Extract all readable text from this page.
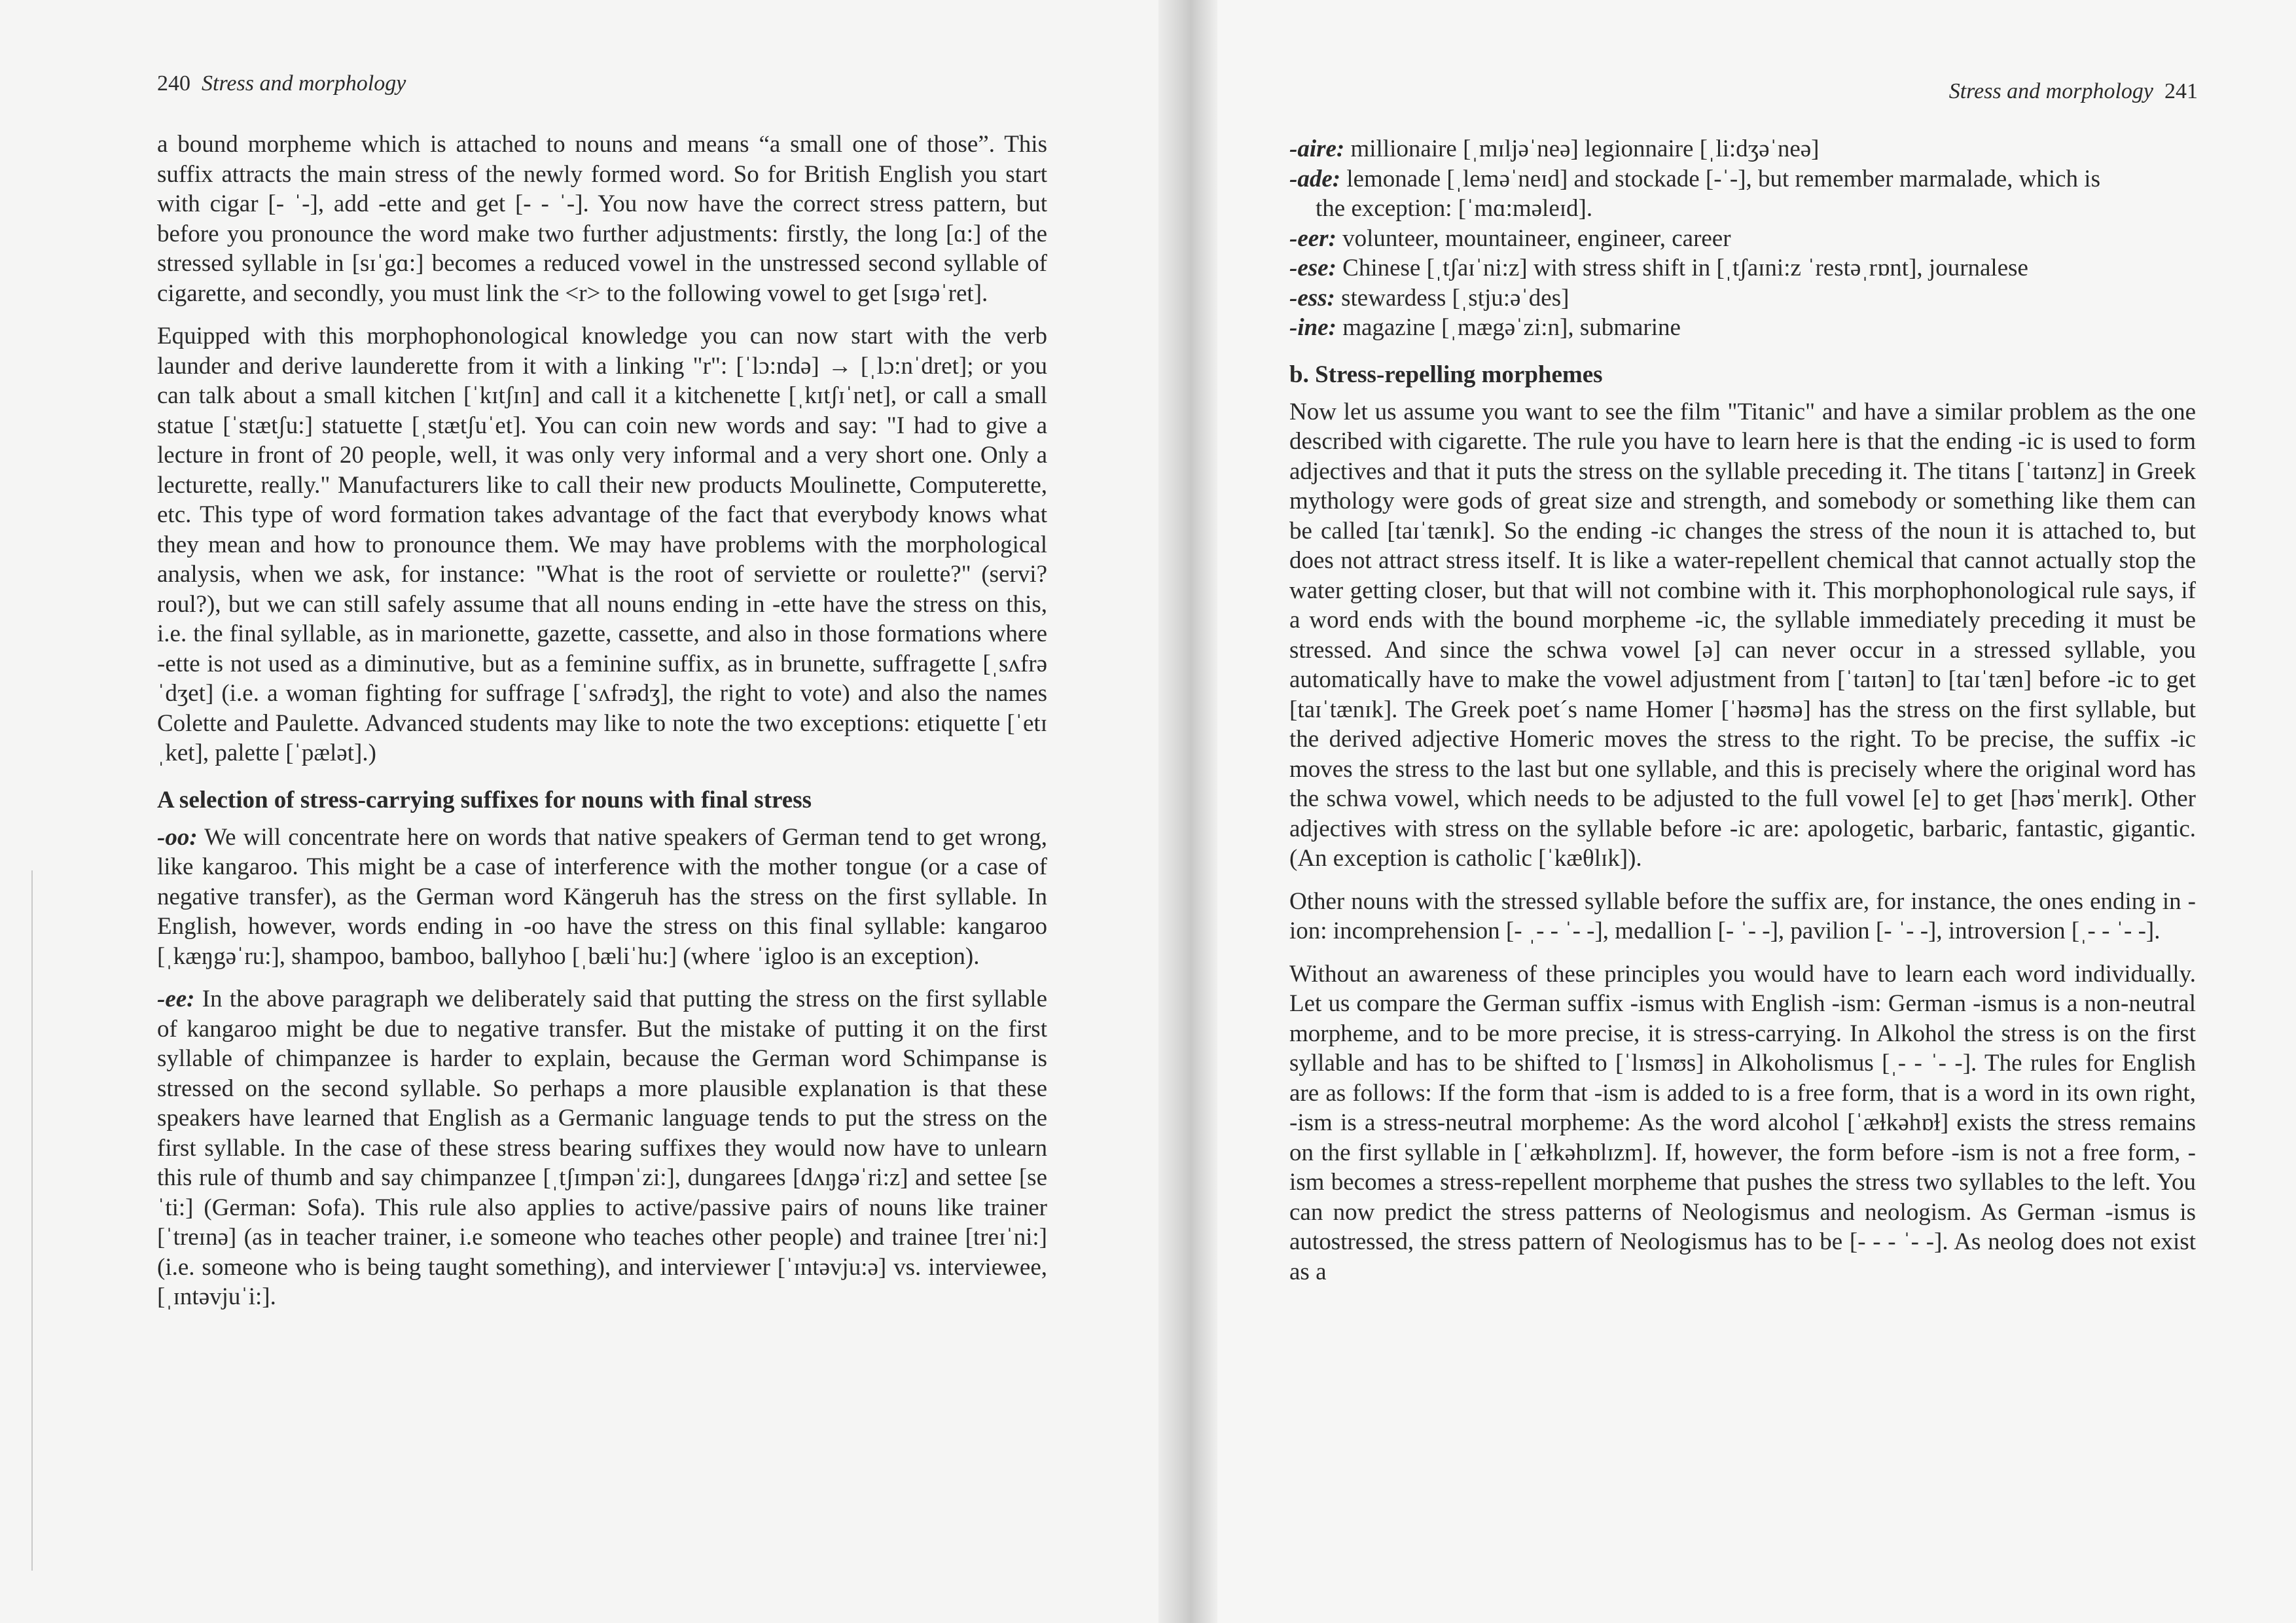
240 Stress and morphology

a bound morpheme which is attached to nouns and means “a small one of those”. This suffix attracts the main stress of the newly formed word. So for British English you start with cigar [- ˈ-], add -ette and get [- - ˈ-]. You now have the correct stress pattern, but before you pronounce the word make two further adjustments: firstly, the long [ɑ:] of the stressed syllable in [sɪˈgɑ:] becomes a reduced vowel in the unstressed second syllable of cigarette, and secondly, you must link the <r> to the following vowel to get [sɪgəˈret].

Equipped with this morphophonological knowledge you can now start with the verb launder and derive launderette from it with a linking "r": [ˈlɔ:ndə] → [ˌlɔ:nˈdret]; or you can talk about a small kitchen [ˈkɪtʃɪn] and call it a kitchenette [ˌkɪtʃɪˈnet], or call a small statue [ˈstætʃu:] statuette [ˌstætʃuˈet]. You can coin new words and say: "I had to give a lecture in front of 20 people, well, it was only very informal and a very short one. Only a lecturette, really." Manufacturers like to call their new products Moulinette, Computerette, etc. This type of word formation takes advantage of the fact that everybody knows what they mean and how to pronounce them. We may have problems with the morphological analysis, when we ask, for instance: "What is the root of serviette or roulette?" (servi? roul?), but we can still safely assume that all nouns ending in -ette have the stress on this, i.e. the final syllable, as in marionette, gazette, cassette, and also in those formations where -ette is not used as a diminutive, but as a feminine suffix, as in brunette, suffragette [ˌsʌfrəˈdʒet] (i.e. a woman fighting for suffrage [ˈsʌfrədʒ], the right to vote) and also the names Colette and Paulette. Advanced students may like to note the two exceptions: etiquette [ˈetɪˌket], palette [ˈpælət].)

A selection of stress-carrying suffixes for nouns with final stress

-oo: We will concentrate here on words that native speakers of German tend to get wrong, like kangaroo. This might be a case of interference with the mother tongue (or a case of negative transfer), as the German word Kängeruh has the stress on the first syllable. In English, however, words ending in -oo have the stress on this final syllable: kangaroo [ˌkæŋgəˈru:], shampoo, bamboo, ballyhoo [ˌbæliˈhu:] (where ˈigloo is an exception).

-ee: In the above paragraph we deliberately said that putting the stress on the first syllable of kangaroo might be due to negative transfer. But the mistake of putting it on the first syllable of chimpanzee is harder to explain, because the German word Schimpanse is stressed on the second syllable. So perhaps a more plausible explanation is that these speakers have learned that English as a Germanic language tends to put the stress on the first syllable. In the case of these stress bearing suffixes they would now have to unlearn this rule of thumb and say chimpanzee [ˌtʃɪmpənˈzi:], dungarees [dʌŋgəˈri:z] and settee [seˈti:] (German: Sofa). This rule also applies to active/passive pairs of nouns like trainer [ˈtreɪnə] (as in teacher trainer, i.e someone who teaches other people) and trainee [treɪˈni:] (i.e. someone who is being taught something), and interviewer [ˈɪntəvju:ə] vs. interviewee, [ˌɪntəvjuˈi:].

Stress and morphology 241
-aire: millionaire [ˌmɪljəˈneə] legionnaire [ˌli:dʒəˈneə]
-ade: lemonade [ˌleməˈneɪd] and stockade [-ˈ-], but remember marmalade, which is
the exception: [ˈmɑ:məleɪd].
-eer: volunteer, mountaineer, engineer, career
-ese: Chinese [ˌtʃaɪˈni:z] with stress shift in [ˌtʃaɪni:z ˈrestəˌrɒnt], journalese
-ess: stewardess [ˌstju:əˈdes]
-ine: magazine [ˌmægəˈzi:n], submarine
b. Stress-repelling morphemes

Now let us assume you want to see the film "Titanic" and have a similar problem as the one described with cigarette. The rule you have to learn here is that the ending -ic is used to form adjectives and that it puts the stress on the syllable preceding it. The titans [ˈtaɪtənz] in Greek mythology were gods of great size and strength, and somebody or something like them can be called [taɪˈtænɪk]. So the ending -ic changes the stress of the noun it is attached to, but does not attract stress itself. It is like a water-repellent chemical that cannot actually stop the water getting closer, but that will not combine with it. This morphophonological rule says, if a word ends with the bound morpheme -ic, the syllable immediately preceding it must be stressed. And since the schwa vowel [ə] can never occur in a stressed syllable, you automatically have to make the vowel adjustment from [ˈtaɪtən] to [taɪˈtæn] before -ic to get [taɪˈtænɪk]. The Greek poet´s name Homer [ˈhəʊmə] has the stress on the first syllable, but the derived adjective Homeric moves the stress to the right. To be precise, the suffix -ic moves the stress to the last but one syllable, and this is precisely where the original word has the schwa vowel, which needs to be adjusted to the full vowel [e] to get [həʊˈmerɪk]. Other adjectives with stress on the syllable before -ic are: apologetic, barbaric, fantastic, gigantic. (An exception is catholic [ˈkæθlɪk]).

Other nouns with the stressed syllable before the suffix are, for instance, the ones ending in -ion: incomprehension [- ˌ- - ˈ- -], medallion [- ˈ- -], pavilion [- ˈ- -], introversion [ˌ- - ˈ- -].

Without an awareness of these principles you would have to learn each word individually. Let us compare the German suffix -ismus with English -ism: German -ismus is a non-neutral morpheme, and to be more precise, it is stress-carrying. In Alkohol the stress is on the first syllable and has to be shifted to [ˈlɪsmʊs] in Alkoholismus [ˌ- - ˈ- -]. The rules for English are as follows: If the form that -ism is added to is a free form, that is a word in its own right, -ism is a stress-neutral morpheme: As the word alcohol [ˈæɫkəhɒɫ] exists the stress remains on the first syllable in [ˈæɫkəhɒlɪzm]. If, however, the form before -ism is not a free form, -ism becomes a stress-repellent morpheme that pushes the stress two syllables to the left. You can now predict the stress patterns of Neologismus and neologism. As German -ismus is autostressed, the stress pattern of Neologismus has to be [- - - ˈ- -]. As neolog does not exist as a
